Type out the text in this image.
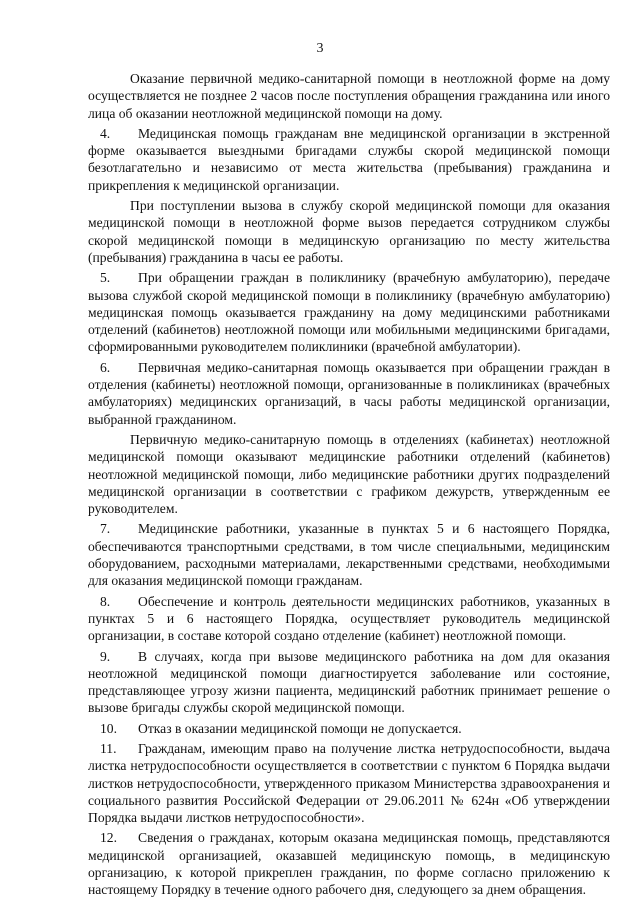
3

Оказание первичной медико-санитарной помощи в неотложной форме на дому осуществляется не позднее 2 часов после поступления обращения гражданина или иного лица об оказании неотложной медицинской помощи на дому.

4. Медицинская помощь гражданам вне медицинской организации в экстренной форме оказывается выездными бригадами службы скорой медицинской помощи безотлагательно и независимо от места жительства (пребывания) гражданина и прикрепления к медицинской организации.

При поступлении вызова в службу скорой медицинской помощи для оказания медицинской помощи в неотложной форме вызов передается сотрудником службы скорой медицинской помощи в медицинскую организацию по месту жительства (пребывания) гражданина в часы ее работы.

5. При обращении граждан в поликлинику (врачебную амбулаторию), передаче вызова службой скорой медицинской помощи в поликлинику (врачебную амбулаторию) медицинская помощь оказывается гражданину на дому медицинскими работниками отделений (кабинетов) неотложной помощи или мобильными медицинскими бригадами, сформированными руководителем поликлиники (врачебной амбулатории).

6. Первичная медико-санитарная помощь оказывается при обращении граждан в отделения (кабинеты) неотложной помощи, организованные в поликлиниках (врачебных амбулаториях) медицинских организаций, в часы работы медицинской организации, выбранной гражданином.

Первичную медико-санитарную помощь в отделениях (кабинетах) неотложной медицинской помощи оказывают медицинские работники отделений (кабинетов) неотложной медицинской помощи, либо медицинские работники других подразделений медицинской организации в соответствии с графиком дежурств, утвержденным ее руководителем.

7. Медицинские работники, указанные в пунктах 5 и 6 настоящего Порядка, обеспечиваются транспортными средствами, в том числе специальными, медицинским оборудованием, расходными материалами, лекарственными средствами, необходимыми для оказания медицинской помощи гражданам.

8. Обеспечение и контроль деятельности медицинских работников, указанных в пунктах 5 и 6 настоящего Порядка, осуществляет руководитель медицинской организации, в составе которой создано отделение (кабинет) неотложной помощи.

9. В случаях, когда при вызове медицинского работника на дом для оказания неотложной медицинской помощи диагностируется заболевание или состояние, представляющее угрозу жизни пациента, медицинский работник принимает решение о вызове бригады службы скорой медицинской помощи.

10. Отказ в оказании медицинской помощи не допускается.

11. Гражданам, имеющим право на получение листка нетрудоспособности, выдача листка нетрудоспособности осуществляется в соответствии с пунктом 6 Порядка выдачи листков нетрудоспособности, утвержденного приказом Министерства здравоохранения и социального развития Российской Федерации от 29.06.2011 № 624н «Об утверждении Порядка выдачи листков нетрудоспособности».

12. Сведения о гражданах, которым оказана медицинская помощь, представляются медицинской организацией, оказавшей медицинскую помощь, в медицинскую организацию, к которой прикреплен гражданин, по форме согласно приложению к настоящему Порядку в течение одного рабочего дня, следующего за днем обращения.
